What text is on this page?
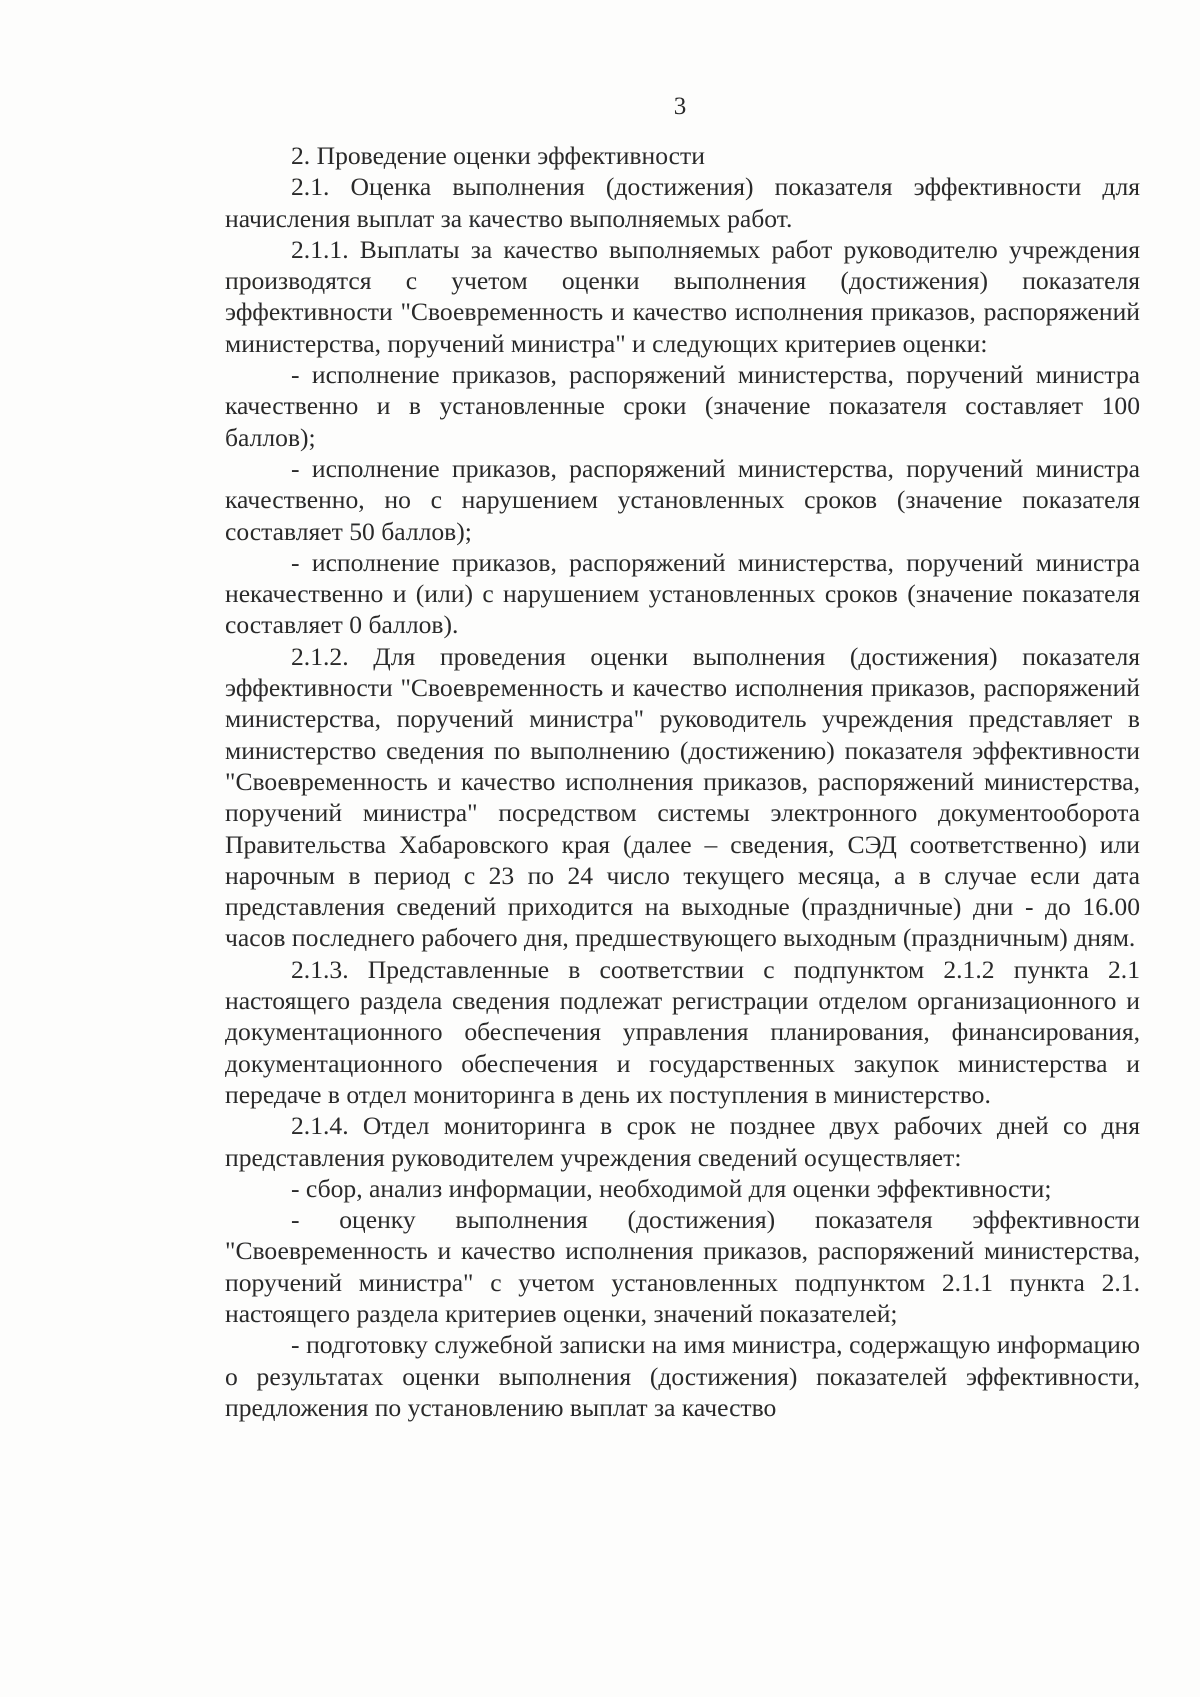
3

2. Проведение оценки эффективности

2.1. Оценка выполнения (достижения) показателя эффективности для начисления выплат за качество выполняемых работ.

2.1.1. Выплаты за качество выполняемых работ руководителю учреждения производятся с учетом оценки выполнения (достижения) показателя эффективности "Своевременность и качество исполнения приказов, распоряжений министерства, поручений министра" и следующих критериев оценки:

- исполнение приказов, распоряжений министерства, поручений министра качественно и в установленные сроки (значение показателя составляет 100 баллов);

- исполнение приказов, распоряжений министерства, поручений министра качественно, но с нарушением установленных сроков (значение показателя составляет 50 баллов);

- исполнение приказов, распоряжений министерства, поручений министра некачественно и (или) с нарушением установленных сроков (значение показателя составляет 0 баллов).

2.1.2. Для проведения оценки выполнения (достижения) показателя эффективности "Своевременность и качество исполнения приказов, распоряжений министерства, поручений министра" руководитель учреждения представляет в министерство сведения по выполнению (достижению) показателя эффективности "Своевременность и качество исполнения приказов, распоряжений министерства, поручений министра" посредством системы электронного документооборота Правительства Хабаровского края (далее – сведения, СЭД соответственно) или нарочным в период с 23 по 24 число текущего месяца, а в случае если дата представления сведений приходится на выходные (праздничные) дни - до 16.00 часов последнего рабочего дня, предшествующего выходным (праздничным) дням.

2.1.3. Представленные в соответствии с подпунктом 2.1.2 пункта 2.1 настоящего раздела сведения подлежат регистрации отделом организационного и документационного обеспечения управления планирования, финансирования, документационного обеспечения и государственных закупок министерства и передаче в отдел мониторинга в день их поступления в министерство.

2.1.4. Отдел мониторинга в срок не позднее двух рабочих дней со дня представления руководителем учреждения сведений осуществляет:

- сбор, анализ информации, необходимой для оценки эффективности;

- оценку выполнения (достижения) показателя эффективности "Своевременность и качество исполнения приказов, распоряжений министерства, поручений министра" с учетом установленных подпунктом 2.1.1 пункта 2.1. настоящего раздела критериев оценки, значений показателей;

- подготовку служебной записки на имя министра, содержащую информацию о результатах оценки выполнения (достижения) показателей эффективности, предложения по установлению выплат за качество
